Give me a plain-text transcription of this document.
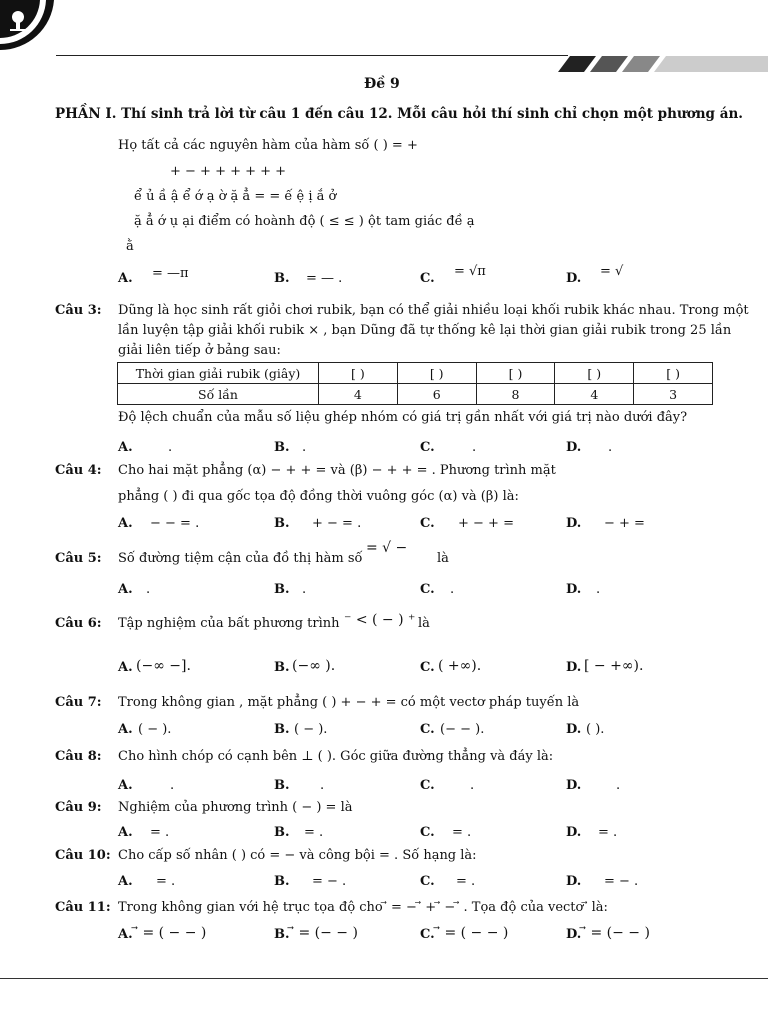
Đề 9
PHẦN I. Thí sinh trả lời từ câu 1 đến câu 12. Mỗi câu hỏi thí sinh chỉ chọn một phương án.
Họ tất cả các nguyên hàm của hàm số ( ) = +
+ − + + + + + +
ể ủ ầ ậ ể ớ ạ ờ ặ ẳ = = ế ệ ị ắ ở
ặ ẳ ớ ụ ại điểm có hoành độ ( ≤ ≤ ) ột tam giác đề ạ
ằ
A. = —π	B. = — .	C. = √π	D. = √
Câu 3: Dũng là học sinh rất giỏi chơi rubik, bạn có thể giải nhiều loại khối rubik khác nhau. Trong một
lần luyện tập giải khối rubik × , bạn Dũng đã tự thống kê lại thời gian giải rubik trong 25 lần
giải liên tiếp ở bảng sau:
Thời gian giải rubik (giây)	[ )	[ )	[ )	[ )	[ )
Số lần	4	6	8	4	3
Độ lệch chuẩn của mẫu số liệu ghép nhóm có giá trị gần nhất với giá trị nào dưới đây?
A.	.	B. .	C.	.	D. .
Câu 4: Cho hai mặt phẳng (α) − + + = và (β) − + + = . Phương trình mặt
phẳng ( ) đi qua gốc tọa độ đồng thời vuông góc (α) và (β) là:
A. − − = .	B. + − = .	C. + − + =	D. − + =
Câu 5: Số đường tiệm cận của đồ thị hàm số
= √ −
là
A. .	B. .	C. .	D. .
Câu 6: Tập nghiệm của bất phương trình ⁻ < ( − ) ⁺ là
A. (−∞ −].	B. (−∞ ).	C. ( +∞).	D. [ − +∞).
Câu 7: Trong không gian , mặt phẳng ( ) + − + = có một vectơ pháp tuyến là
A. ( − ).	B. ( − ).	C. (− − ).	D. ( ).
Câu 8: Cho hình chóp có cạnh bên ⊥ ( ). Góc giữa đường thẳng và đáy là:
A.	.	B. .	C.	.	D.	.
Câu 9: Nghiệm của phương trình ( − ) = là
A. = .	B. = .	C. = .	D. = .
Câu 10: Cho cấp số nhân ( ) có = − và công bội = . Số hạng là:
A. = .	B. = − .	C. = .	D. = − .
Câu 11: Trong không gian với hệ trục tọa độ cho ⃗ = − ⃗ + ⃗ − ⃗ . Tọa độ của vectơ ⃗ là:
A. ⃗ = ( − − )	B. ⃗ = (− − )	C. ⃗ = ( − − )	D. ⃗ = (− − )
